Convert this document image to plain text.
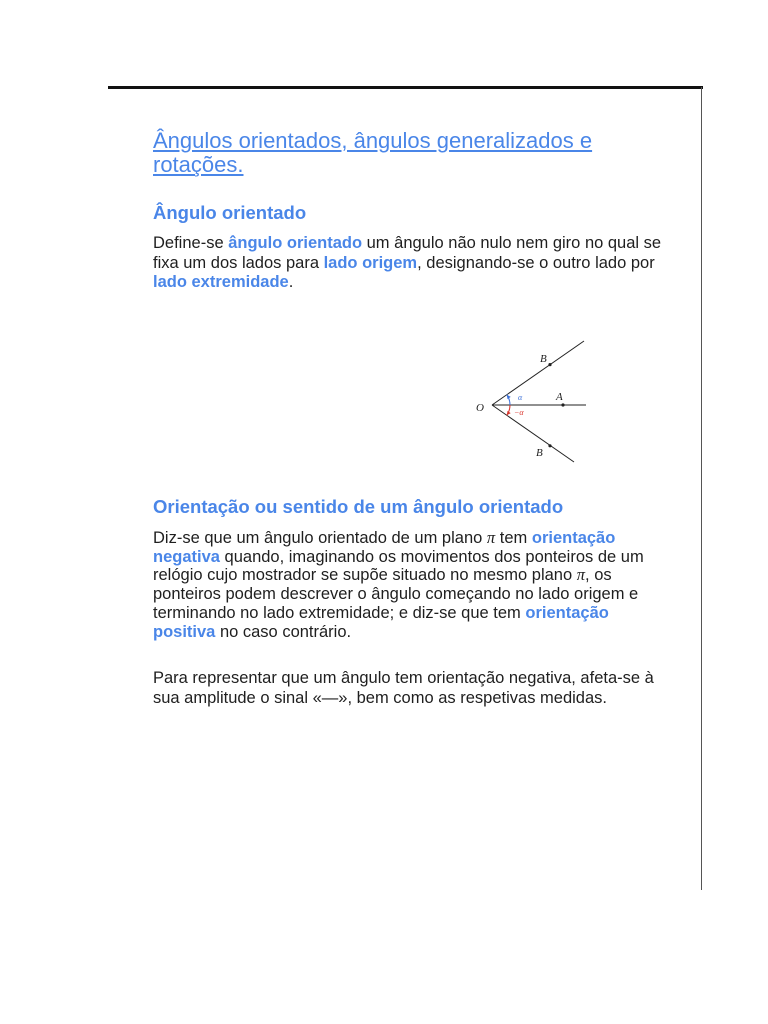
Ângulos orientados, ângulos generalizados e
rotações.
Ângulo orientado
Define-se ângulo orientado um ângulo não nulo nem giro no qual se
fixa um dos lados para lado origem, designando-se o outro lado por
lado extremidade.
O
B
A
B
α
−α
Orientação ou sentido de um ângulo orientado
Diz-se que um ângulo orientado de um plano π tem orientação
negativa quando, imaginando os movimentos dos ponteiros de um
relógio cujo mostrador se supõe situado no mesmo plano π, os
ponteiros podem descrever o ângulo começando no lado origem e
terminando no lado extremidade; e diz-se que tem orientação
positiva no caso contrário.
Para representar que um ângulo tem orientação negativa, afeta-se à
sua amplitude o sinal «—», bem como as respetivas medidas.
